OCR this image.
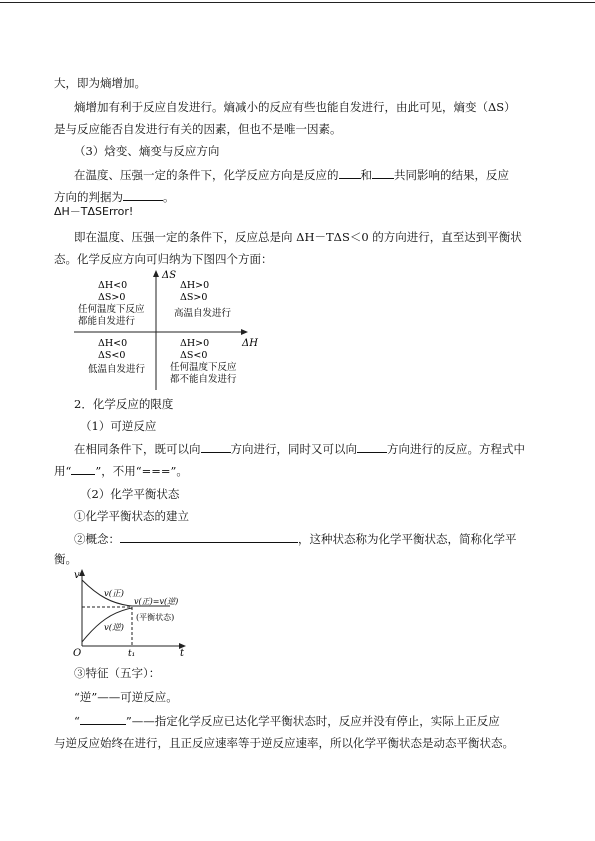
大，即为熵增加。
熵增加有利于反应自发进行。熵减小的反应有些也能自发进行，由此可见，熵变（ΔS）
是与反应能否自发进行有关的因素，但也不是唯一因素。
（3）焓变、熵变与反应方向
在温度、压强一定的条件下，化学反应方向是反应的 和 共同影响的结果，反应
方向的判据为	。
ΔH－TΔSError!
即在温度、压强一定的条件下，反应总是向 ΔH－TΔS＜0 的方向进行，直至达到平衡状
态。化学反应方向可归纳为下图四个方面：
ΔS
ΔH
ΔH<0
ΔS>0
任何温度下反应
都能自发进行
ΔH>0
ΔS>0
高温自发进行
ΔH<0
ΔS<0
低温自发进行
ΔH>0
ΔS<0
任何温度下反应
都不能自发进行
2．化学反应的限度
（1）可逆反应
在相同条件下，既可以向	方向进行，同时又可以向	方向进行的反应。方程式中
用“ ”，不用“===”。
（2）化学平衡状态
①化学平衡状态的建立
②概念：	，这种状态称为化学平衡状态，简称化学平
衡。
v
t
O	t₁
v(正)
v(逆)
v(正)=v(逆)
(平衡状态)
③特征（五字）：
“逆”——可逆反应。
“	”——指定化学反应已达化学平衡状态时，反应并没有停止，实际上正反应
与逆反应始终在进行，且正反应速率等于逆反应速率，所以化学平衡状态是动态平衡状态。
